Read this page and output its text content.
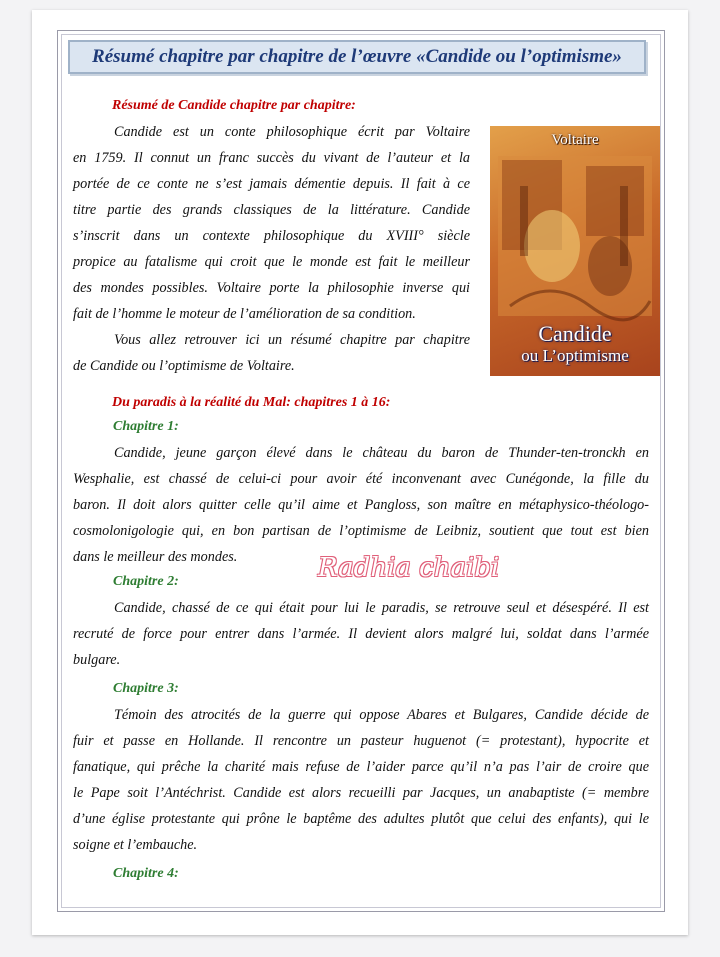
Résumé chapitre par chapitre de l’œuvre «Candide ou l’optimisme»
Résumé de Candide chapitre par chapitre:
Candide est un conte philosophique écrit par Voltaire
en 1759. Il connut un franc succès du vivant de l’auteur et la
portée de ce conte ne s’est jamais démentie depuis. Il fait à ce
titre partie des grands classiques de la littérature. Candide
s’inscrit dans un contexte philosophique du XVIII° siècle
propice au fatalisme qui croit que le monde est fait le meilleur
des mondes possibles. Voltaire porte la philosophie inverse qui
fait de l’homme le moteur de l’amélioration de sa condition.
Vous allez retrouver ici un résumé chapitre par chapitre
de Candide ou l’optimisme de Voltaire.
Voltaire
Candide
ou L’optimisme
Du paradis à la réalité du Mal: chapitres 1 à 16:
Chapitre 1:
Candide, jeune garçon élevé dans le château du baron de Thunder-ten-tronckh en
Wesphalie, est chassé de celui-ci pour avoir été inconvenant avec Cunégonde, la fille du
baron. Il doit alors quitter celle qu’il aime et Pangloss, son maître en métaphysico-théologo-
cosmolonigologie qui, en bon partisan de l’optimisme de Leibniz, soutient que tout est bien
dans le meilleur des mondes.	Radhia chaibi
Chapitre 2:
Candide, chassé de ce qui était pour lui le paradis, se retrouve seul et désespéré. Il est
recruté de force pour entrer dans l’armée. Il devient alors malgré lui, soldat dans l’armée
bulgare.
Chapitre 3:
Témoin des atrocités de la guerre qui oppose Abares et Bulgares, Candide décide de
fuir et passe en Hollande. Il rencontre un pasteur huguenot (= protestant), hypocrite et
fanatique, qui prêche la charité mais refuse de l’aider parce qu’il n’a pas l’air de croire que
le Pape soit l’Antéchrist. Candide est alors recueilli par Jacques, un anabaptiste (= membre
d’une église protestante qui prône le baptême des adultes plutôt que celui des enfants), qui le
soigne et l’embauche.
Chapitre 4:
